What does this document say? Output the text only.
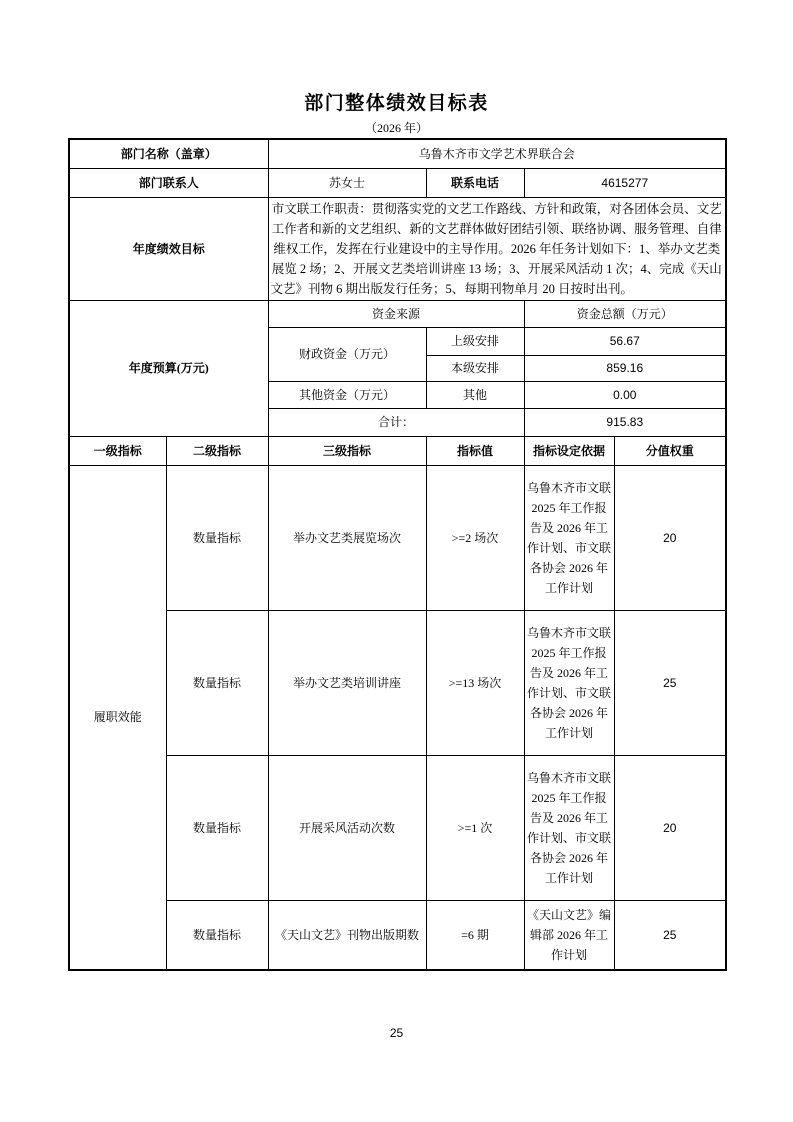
部门整体绩效目标表
（2026 年）
部门名称（盖章）		乌鲁木齐市文学艺术界联合会			
部门联系人		苏女士	联系电话	4615277	
年度绩效目标		市文联工作职责：贯彻落实党的文艺工作路线、方针和政策，对各团体会员、文艺工作者和新的文艺组织、新的文艺群体做好团结引领、联络协调、服务管理、自律维权工作，发挥在行业建设中的主导作用。2026 年任务计划如下：1、举办文艺类展览 2 场；2、开展文艺类培训讲座 13 场；3、开展采风活动 1 次；4、完成《天山文艺》刊物 6 期出版发行任务；5、每期刊物单月 20 日按时出刊。			
年度预算(万元)		资金来源		资金总额（万元）	
		财政资金（万元）	上级安排	56.67	
			本级安排	859.16	
		其他资金（万元）	其他	0.00	
		合计：		915.83	
一级指标	二级指标	三级指标	指标值	指标设定依据	分值权重
履职效能	数量指标	举办文艺类展览场次	>=2 场次	乌鲁木齐市文联 2025 年工作报告及 2026 年工作计划、市文联各协会 2026 年工作计划	20
	数量指标	举办文艺类培训讲座	>=13 场次	乌鲁木齐市文联 2025 年工作报告及 2026 年工作计划、市文联各协会 2026 年工作计划	25
	数量指标	开展采风活动次数	>=1 次	乌鲁木齐市文联 2025 年工作报告及 2026 年工作计划、市文联各协会 2026 年工作计划	20
	数量指标	《天山文艺》刊物出版期数	=6 期	《天山文艺》编辑部 2026 年工作计划	25
25
